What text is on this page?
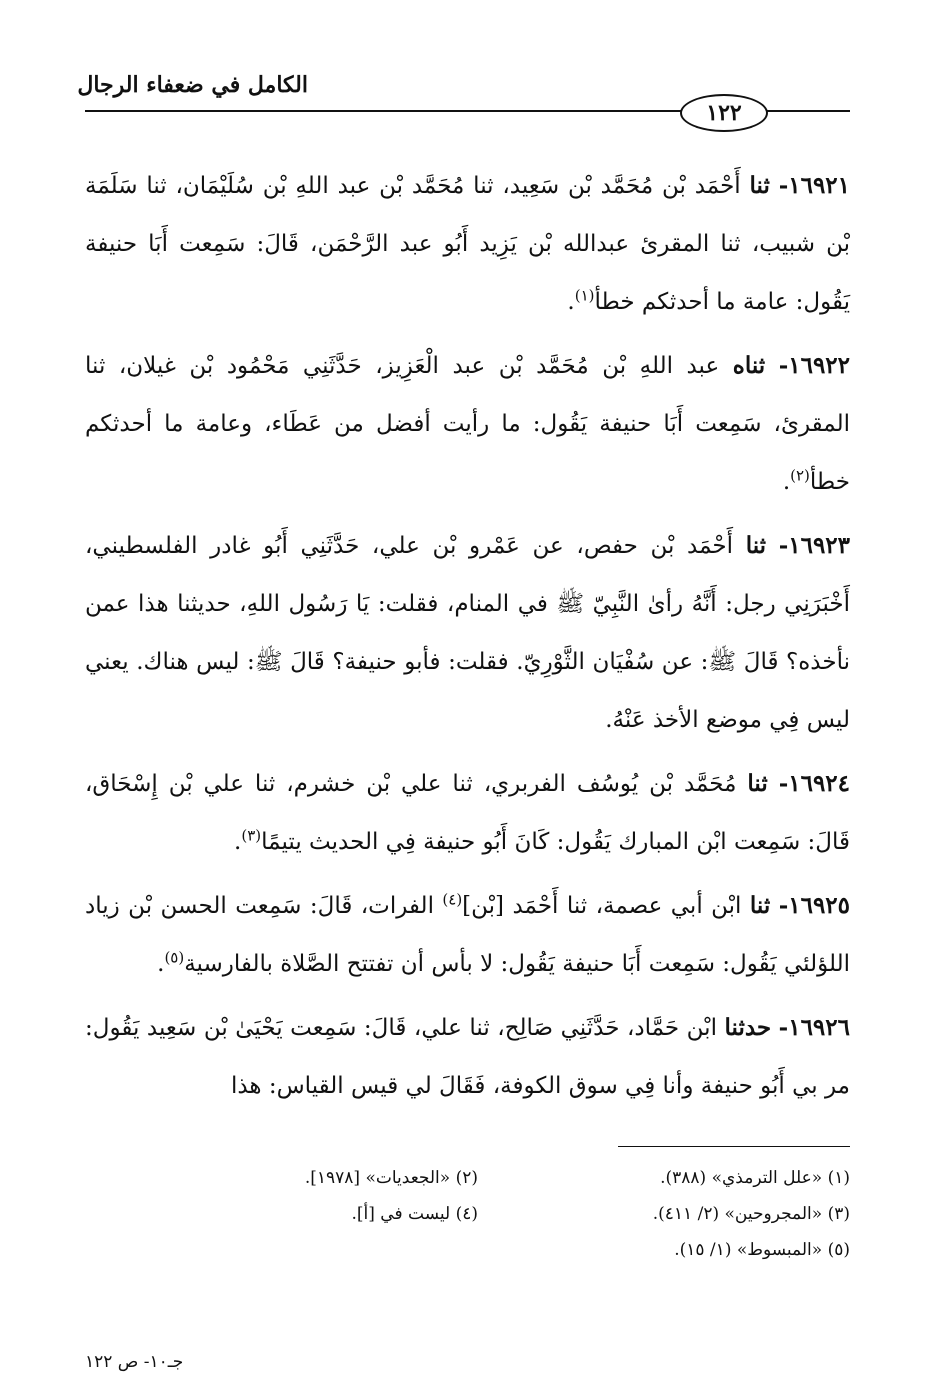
الكامل في ضعفاء الرجال
١٢٢

١٦٩٢١- ثنا أَحْمَد بْن مُحَمَّد بْن سَعِيد، ثنا مُحَمَّد بْن عبد اللهِ بْن سُلَيْمَان، ثنا سَلَمَة بْن شبيب، ثنا المقرئ عبدالله بْن يَزِيد أَبُو عبد الرَّحْمَن، قَالَ: سَمِعت أَبَا حنيفة يَقُول: عامة ما أحدثكم خطأ$^{(١)}$.

١٦٩٢٢- ثناه عبد اللهِ بْن مُحَمَّد بْن عبد الْعَزِيز، حَدَّثَنِي مَحْمُود بْن غيلان، ثنا المقرئ، سَمِعت أَبَا حنيفة يَقُول: ما رأيت أفضل من عَطَاء، وعامة ما أحدثكم خطأ$^{(٢)}$.

١٦٩٢٣- ثنا أَحْمَد بْن حفص، عن عَمْرو بْن علي، حَدَّثَنِي أَبُو غادر الفلسطيني، أَخْبَرَنِي رجل: أَنَّهُ رأىٰ النَّبِيّ ﷺ في المنام، فقلت: يَا رَسُول اللهِ، حديثنا هذا عمن نأخذه؟ قَالَ ﷺ: عن سُفْيَان الثَّوْرِيّ. فقلت: فأبو حنيفة؟ قَالَ ﷺ: ليس هناك. يعني ليس فِي موضع الأخذ عَنْهُ.

١٦٩٢٤- ثنا مُحَمَّد بْن يُوسُف الفربري، ثنا علي بْن خشرم، ثنا علي بْن إِسْحَاق، قَالَ: سَمِعت ابْن المبارك يَقُول: كَانَ أَبُو حنيفة فِي الحديث يتيمًا$^{(٣)}$.

١٦٩٢٥- ثنا ابْن أبي عصمة، ثنا أَحْمَد [بْن]$^{(٤)}$ الفرات، قَالَ: سَمِعت الحسن بْن زياد اللؤلئي يَقُول: سَمِعت أَبَا حنيفة يَقُول: لا بأس أن تفتتح الصَّلاة بالفارسية$^{(٥)}$.

١٦٩٢٦- حدثنا ابْن حَمَّاد، حَدَّثَنِي صَالِح، ثنا علي، قَالَ: سَمِعت يَحْيَىٰ بْن سَعِيد يَقُول: مر بي أَبُو حنيفة وأنا فِي سوق الكوفة، فَقَالَ لي قيس القياس: هذا

(١) «علل الترمذي» (٣٨٨).
(٢) «الجعديات» [١٩٧٨].
(٣) «المجروحين» (٢/ ٤١١).
(٤) ليست في [أ].
(٥) «المبسوط» (١/ ١٥).
جـ١٠- ص ١٢٢
